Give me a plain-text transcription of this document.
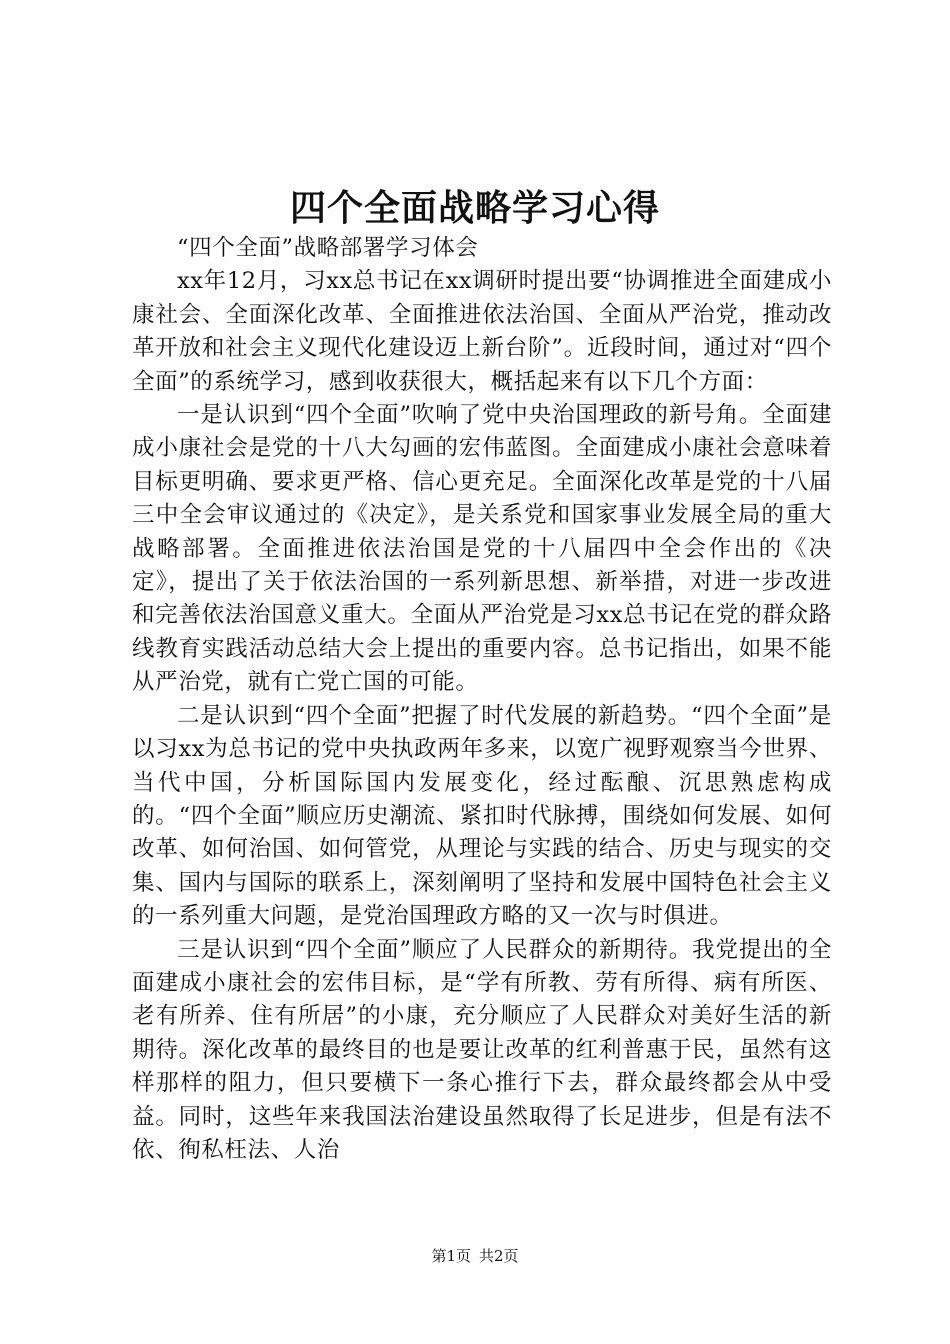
四个全面战略学习心得

“四个全面”战略部署学习体会

xx年12月，习xx总书记在xx调研时提出要“协调推进全面建成小康社会、全面深化改革、全面推进依法治国、全面从严治党，推动改革开放和社会主义现代化建设迈上新台阶”。近段时间，通过对“四个全面”的系统学习，感到收获很大，概括起来有以下几个方面：

一是认识到“四个全面”吹响了党中央治国理政的新号角。全面建成小康社会是党的十八大勾画的宏伟蓝图。全面建成小康社会意味着目标更明确、要求更严格、信心更充足。全面深化改革是党的十八届三中全会审议通过的《决定》，是关系党和国家事业发展全局的重大战略部署。全面推进依法治国是党的十八届四中全会作出的《决定》，提出了关于依法治国的一系列新思想、新举措，对进一步改进和完善依法治国意义重大。全面从严治党是习xx总书记在党的群众路线教育实践活动总结大会上提出的重要内容。总书记指出，如果不能从严治党，就有亡党亡国的可能。

二是认识到“四个全面”把握了时代发展的新趋势。“四个全面”是以习xx为总书记的党中央执政两年多来，以宽广视野观察当今世界、当代中国，分析国际国内发展变化，经过酝酿、沉思熟虑构成的。“四个全面”顺应历史潮流、紧扣时代脉搏，围绕如何发展、如何改革、如何治国、如何管党，从理论与实践的结合、历史与现实的交集、国内与国际的联系上，深刻阐明了坚持和发展中国特色社会主义的一系列重大问题，是党治国理政方略的又一次与时俱进。

三是认识到“四个全面”顺应了人民群众的新期待。我党提出的全面建成小康社会的宏伟目标，是“学有所教、劳有所得、病有所医、老有所养、住有所居”的小康，充分顺应了人民群众对美好生活的新期待。深化改革的最终目的也是要让改革的红利普惠于民，虽然有这样那样的阻力，但只要横下一条心推行下去，群众最终都会从中受益。同时，这些年来我国法治建设虽然取得了长足进步，但是有法不依、徇私枉法、人治

第1页 共2页
